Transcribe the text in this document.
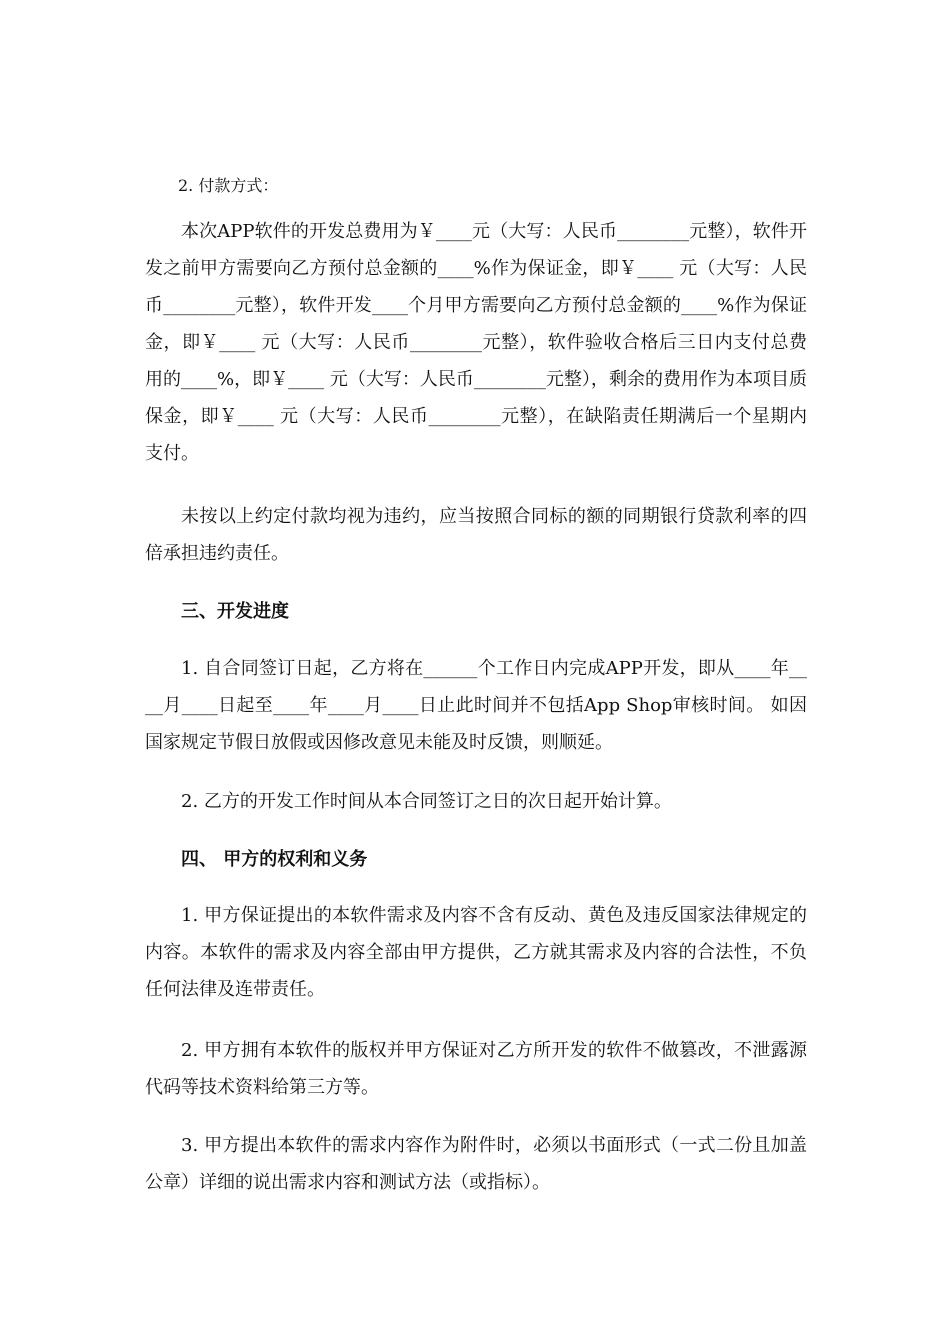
2. 付款方式：

本次APP软件的开发总费用为￥____元（大写：人民币________元整），软件开发之前甲方需要向乙方预付总金额的____%作为保证金，即￥____ 元（大写：人民币________元整），软件开发____个月甲方需要向乙方预付总金额的____%作为保证金，即￥____ 元（大写：人民币________元整），软件验收合格后三日内支付总费用的____%，即￥____ 元（大写：人民币________元整），剩余的费用作为本项目质保金，即￥____ 元（大写：人民币________元整），在缺陷责任期满后一个星期内支付。

未按以上约定付款均视为违约，应当按照合同标的额的同期银行贷款利率的四倍承担违约责任。

三、开发进度

1. 自合同签订日起，乙方将在______个工作日内完成APP开发，即从____年____月____日起至____年____月____日止此时间并不包括App Shop审核时间。 如因国家规定节假日放假或因修改意见未能及时反馈，则顺延。

2. 乙方的开发工作时间从本合同签订之日的次日起开始计算。

四、 甲方的权利和义务

1. 甲方保证提出的本软件需求及内容不含有反动、黄色及违反国家法律规定的内容。本软件的需求及内容全部由甲方提供，乙方就其需求及内容的合法性，不负任何法律及连带责任。

2. 甲方拥有本软件的版权并甲方保证对乙方所开发的软件不做篡改，不泄露源代码等技术资料给第三方等。

3. 甲方提出本软件的需求内容作为附件时，必须以书面形式（一式二份且加盖公章）详细的说出需求内容和测试方法（或指标）。
